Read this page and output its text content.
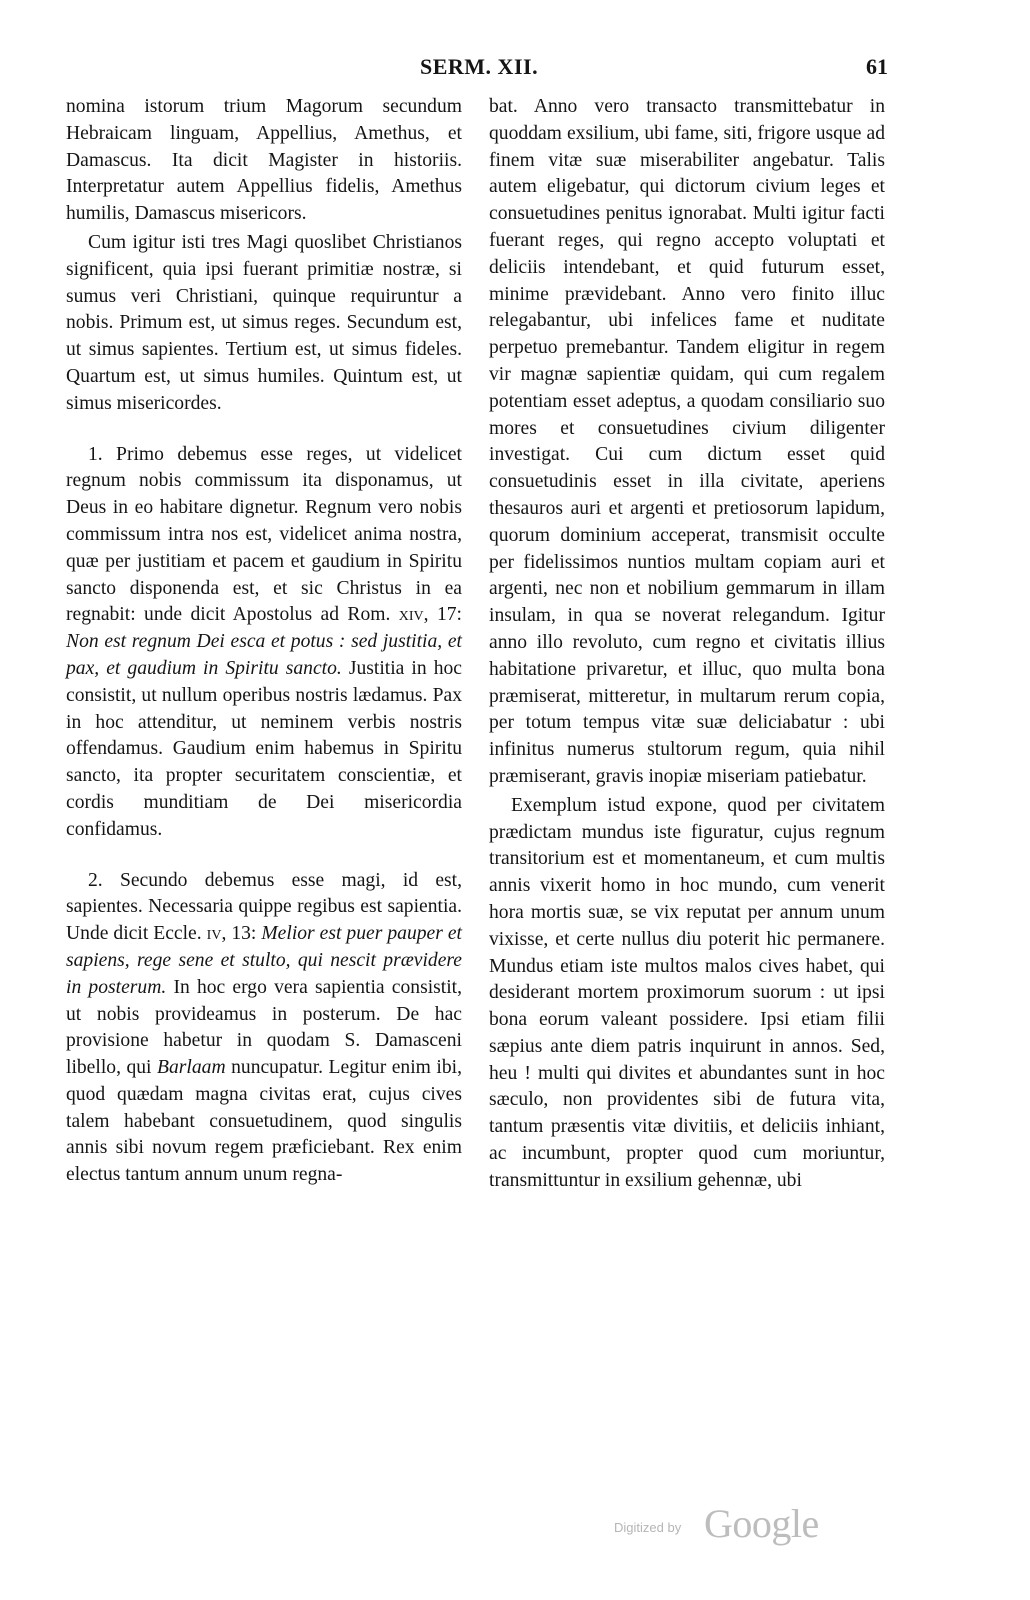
SERM. XII.	61

nomina istorum trium Magorum secundum Hebraicam linguam, Appellius, Amethus, et Damascus. Ita dicit Magister in historiis. Interpretatur autem Appellius fidelis, Amethus humilis, Damascus misericors.

Cum igitur isti tres Magi quoslibet Christianos significent, quia ipsi fuerant primitiæ nostræ, si sumus veri Christiani, quinque requiruntur a nobis. Primum est, ut simus reges. Secundum est, ut simus sapientes. Tertium est, ut simus fideles. Quartum est, ut simus humiles. Quintum est, ut simus misericordes.

1. Primo debemus esse reges, ut videlicet regnum nobis commissum ita disponamus, ut Deus in eo habitare dignetur. Regnum vero nobis commissum intra nos est, videlicet anima nostra, quæ per justitiam et pacem et gaudium in Spiritu sancto disponenda est, et sic Christus in ea regnabit: unde dicit Apostolus ad Rom. xiv, 17: Non est regnum Dei esca et potus : sed justitia, et pax, et gaudium in Spiritu sancto. Justitia in hoc consistit, ut nullum operibus nostris lædamus. Pax in hoc attenditur, ut neminem verbis nostris offendamus. Gaudium enim habemus in Spiritu sancto, ita propter securitatem conscientiæ, et cordis munditiam de Dei misericordia confidamus.

2. Secundo debemus esse magi, id est, sapientes. Necessaria quippe regibus est sapientia. Unde dicit Eccle. iv, 13: Melior est puer pauper et sapiens, rege sene et stulto, qui nescit prævidere in posterum. In hoc ergo vera sapientia consistit, ut nobis provideamus in posterum. De hac provisione habetur in quodam S. Damasceni libello, qui Barlaam nuncupatur. Legitur enim ibi, quod quædam magna civitas erat, cujus cives talem habebant consuetudinem, quod singulis annis sibi novum regem præficiebant. Rex enim electus tantum annum unum regna-

bat. Anno vero transacto transmittebatur in quoddam exsilium, ubi fame, siti, frigore usque ad finem vitæ suæ miserabiliter angebatur. Talis autem eligebatur, qui dictorum civium leges et consuetudines penitus ignorabat. Multi igitur facti fuerant reges, qui regno accepto voluptati et deliciis intendebant, et quid futurum esset, minime prævidebant. Anno vero finito illuc relegabantur, ubi infelices fame et nuditate perpetuo premebantur. Tandem eligitur in regem vir magnæ sapientiæ quidam, qui cum regalem potentiam esset adeptus, a quodam consiliario suo mores et consuetudines civium diligenter investigat. Cui cum dictum esset quid consuetudinis esset in illa civitate, aperiens thesauros auri et argenti et pretiosorum lapidum, quorum dominium acceperat, transmisit occulte per fidelissimos nuntios multam copiam auri et argenti, nec non et nobilium gemmarum in illam insulam, in qua se noverat relegandum. Igitur anno illo revoluto, cum regno et civitatis illius habitatione privaretur, et illuc, quo multa bona præmiserat, mitteretur, in multarum rerum copia, per totum tempus vitæ suæ deliciabatur : ubi infinitus numerus stultorum regum, quia nihil præmiserant, gravis inopiæ miseriam patiebatur.

Exemplum istud expone, quod per civitatem prædictam mundus iste figuratur, cujus regnum transitorium est et momentaneum, et cum multis annis vixerit homo in hoc mundo, cum venerit hora mortis suæ, se vix reputat per annum unum vixisse, et certe nullus diu poterit hic permanere. Mundus etiam iste multos malos cives habet, qui desiderant mortem proximorum suorum : ut ipsi bona eorum valeant possidere. Ipsi etiam filii sæpius ante diem patris inquirunt in annos. Sed, heu ! multi qui divites et abundantes sunt in hoc sæculo, non providentes sibi de futura vita, tantum præsentis vitæ divitiis, et deliciis inhiant, ac incumbunt, propter quod cum moriuntur, transmittuntur in exsilium gehennæ, ubi

Digitized by Google
